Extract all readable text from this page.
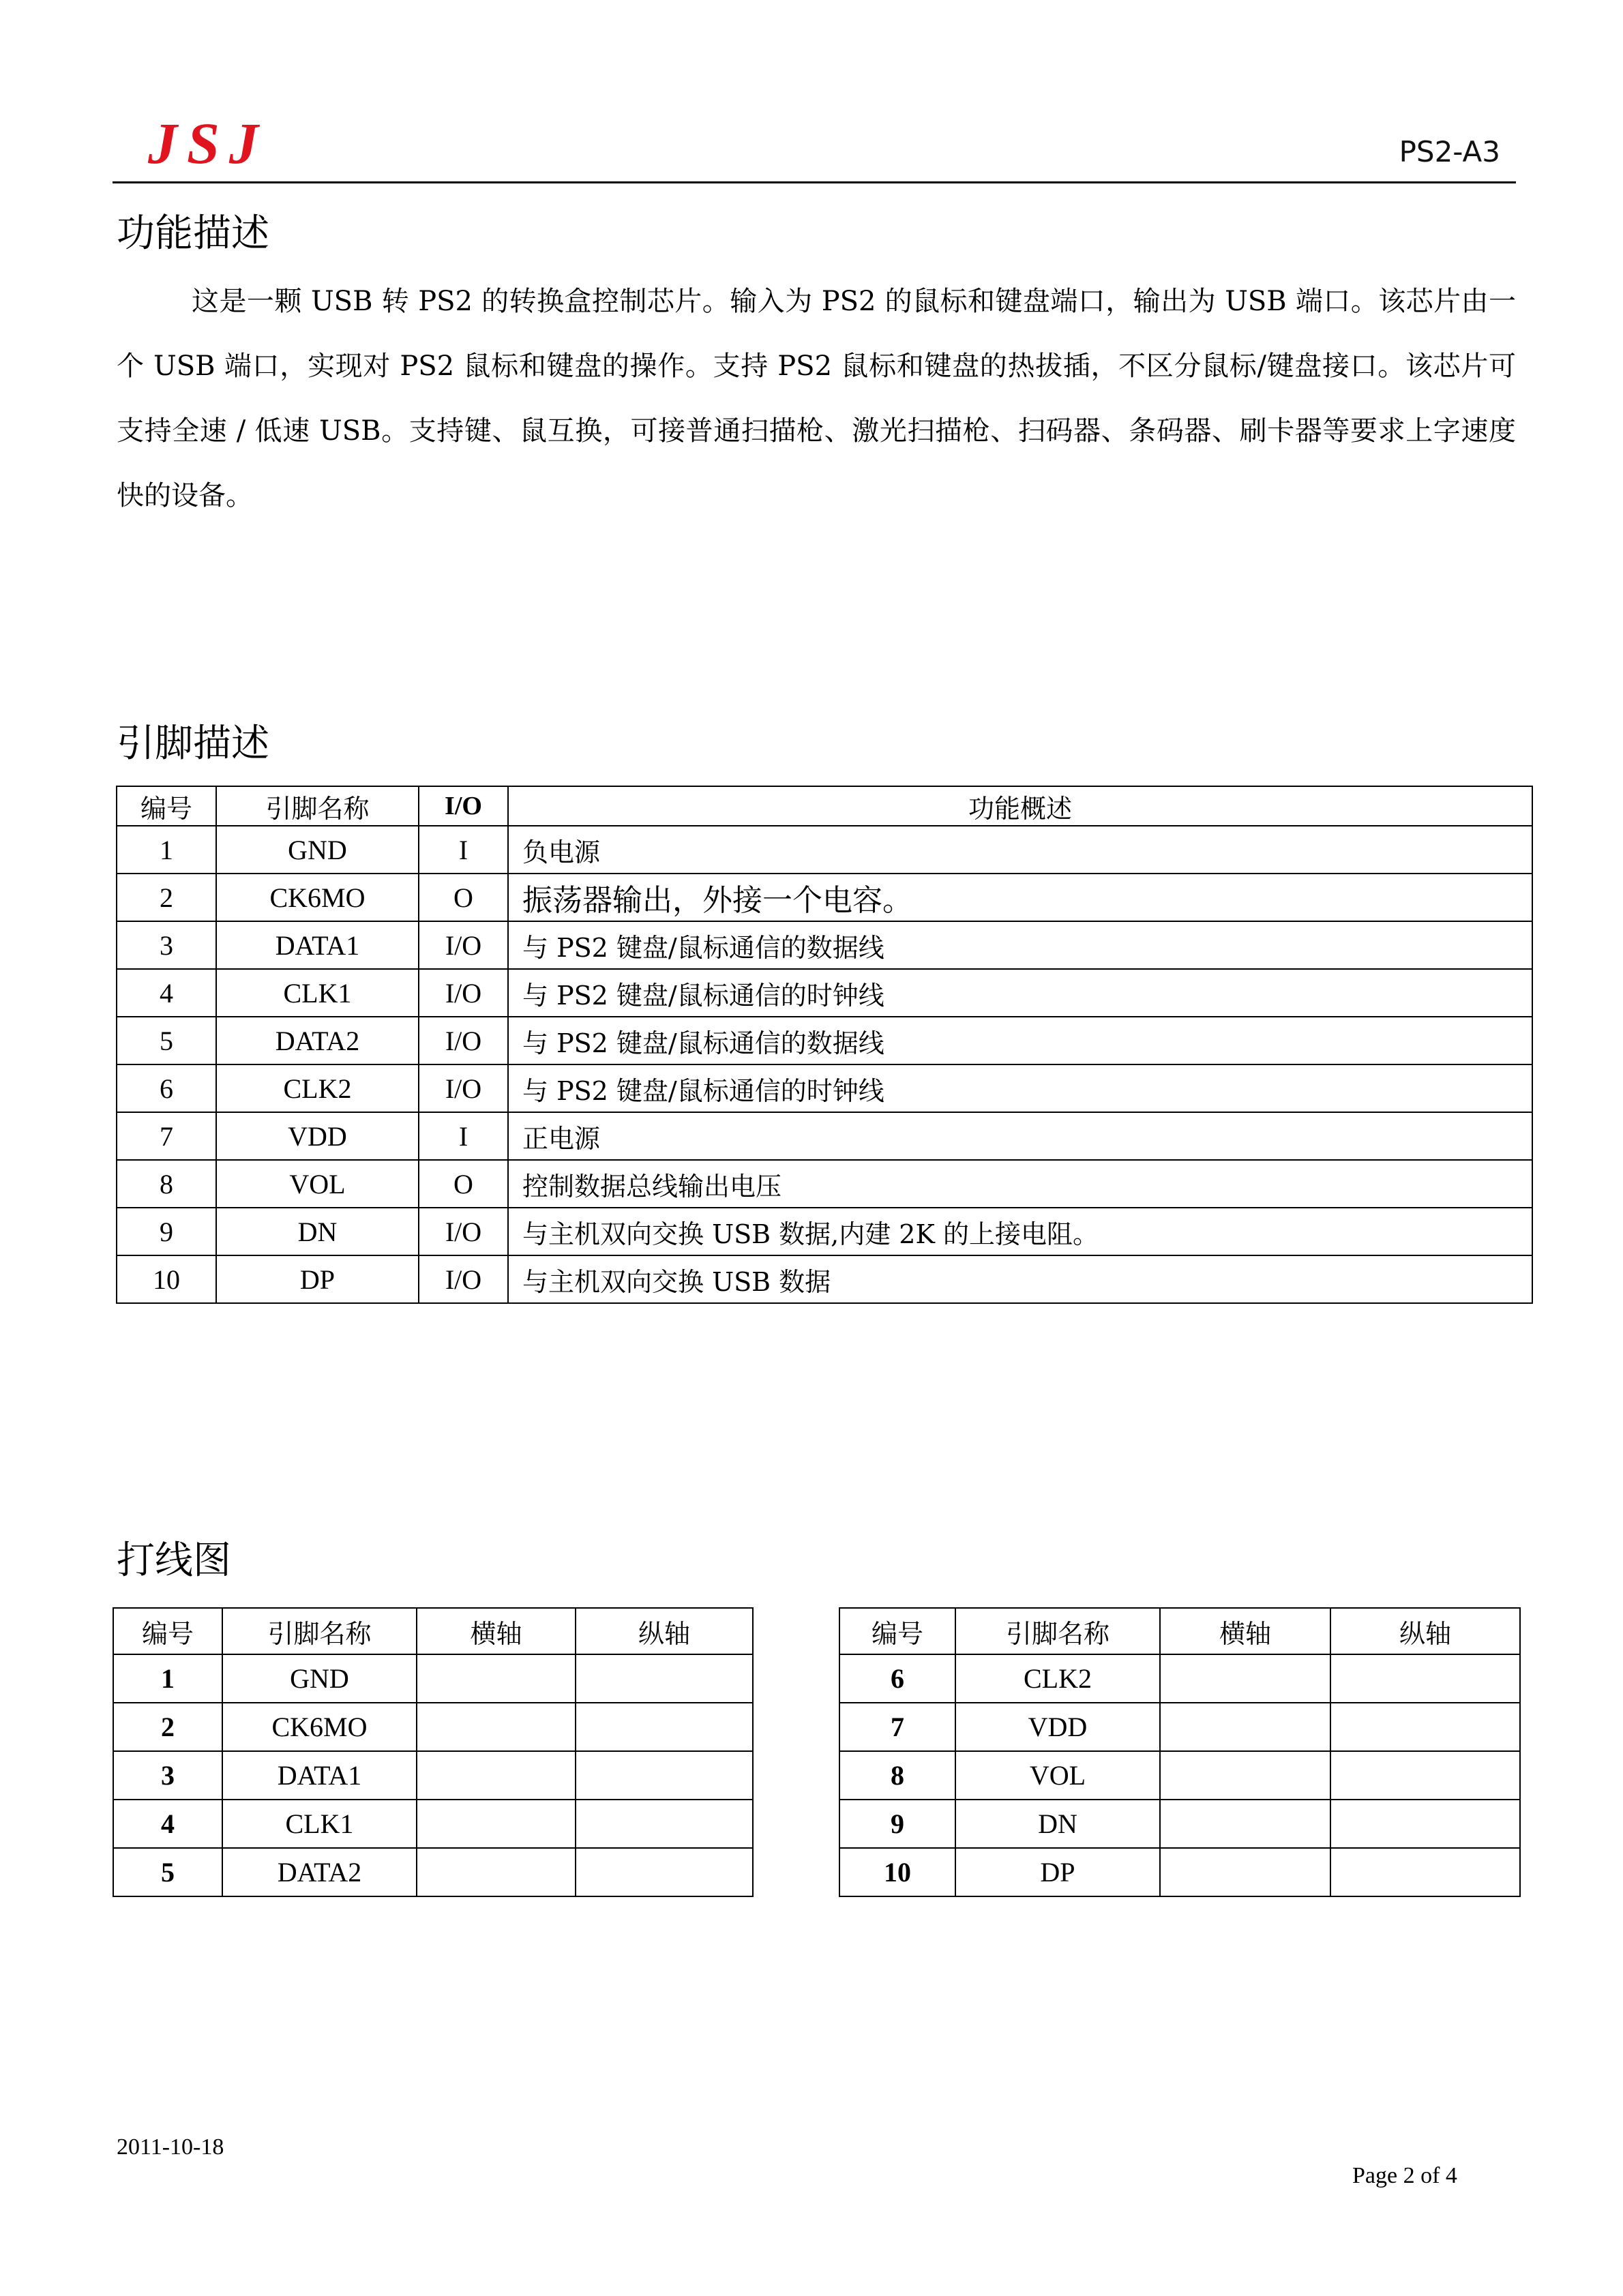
JSJ	PS2-A3
功能描述

这是一颗 USB 转 PS2 的转换盒控制芯片。输入为 PS2 的鼠标和键盘端口，输出为 USB 端口。该芯片由一个 USB 端口，实现对 PS2 鼠标和键盘的操作。支持 PS2 鼠标和键盘的热拔插，不区分鼠标/键盘接口。该芯片可支持全速 / 低速 USB。支持键、鼠互换，可接普通扫描枪、激光扫描枪、扫码器、条码器、刷卡器等要求上字速度快的设备。

引脚描述
编号	引脚名称	I/O	功能概述
1	GND	I	负电源
2	CK6MO	O	振荡器输出，外接一个电容。
3	DATA1	I/O	与 PS2 键盘/鼠标通信的数据线
4	CLK1	I/O	与 PS2 键盘/鼠标通信的时钟线
5	DATA2	I/O	与 PS2 键盘/鼠标通信的数据线
6	CLK2	I/O	与 PS2 键盘/鼠标通信的时钟线
7	VDD	I	正电源
8	VOL	O	控制数据总线输出电压
9	DN	I/O	与主机双向交换 USB 数据,内建 2K 的上接电阻。
10	DP	I/O	与主机双向交换 USB 数据
打线图
编号	引脚名称	横轴	纵轴
1	GND		
2	CK6MO		
3	DATA1		
4	CLK1		
5	DATA2		
编号	引脚名称	横轴	纵轴
6	CLK2		
7	VDD		
8	VOL		
9	DN		
10	DP		
2011-10-18
Page 2 of 4
